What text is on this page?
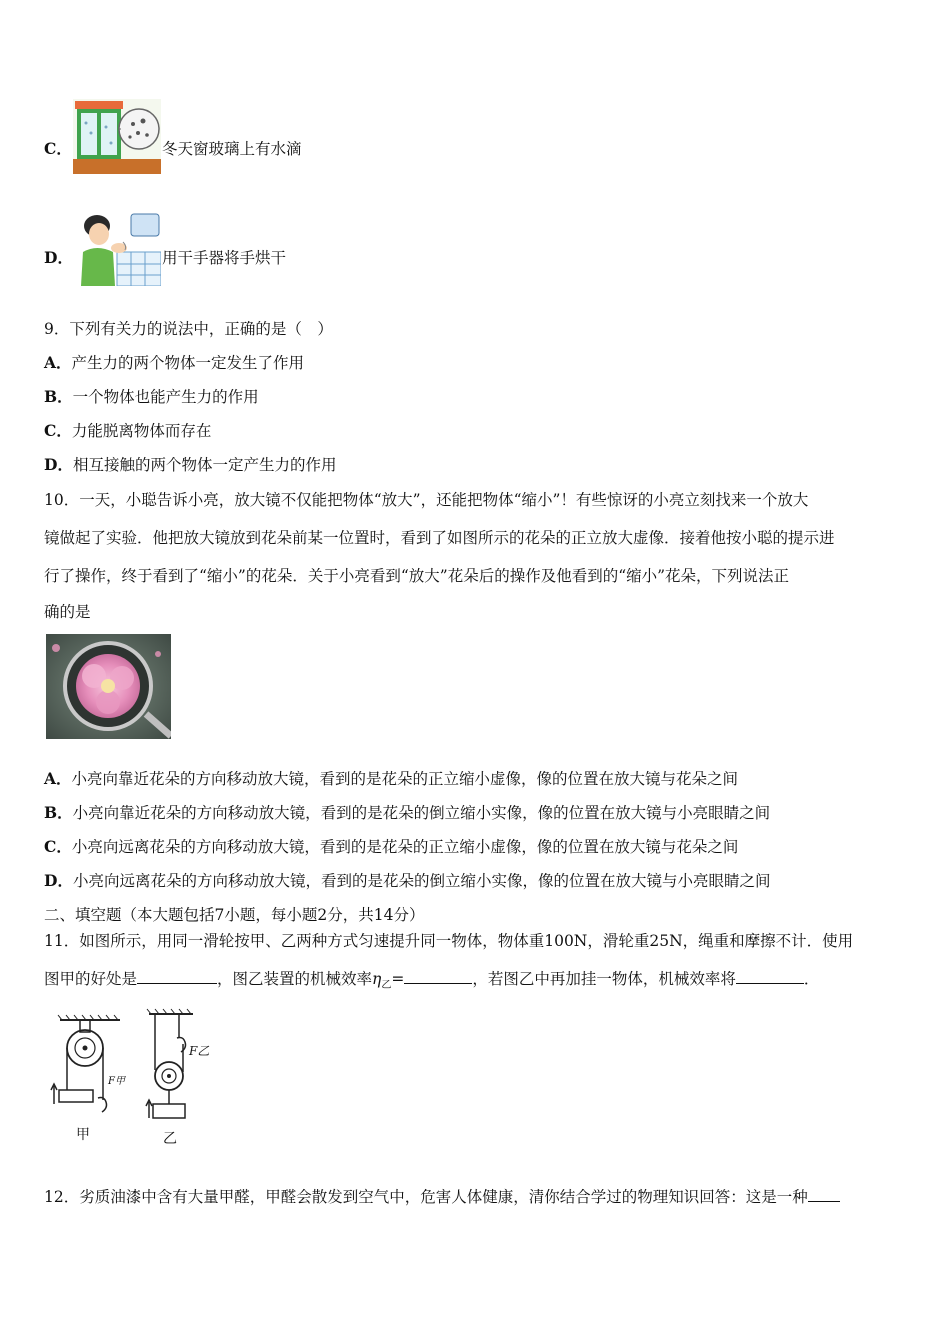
C．	冬天窗玻璃上有水滴
D．	用干手器将手烘干
9．下列有关力的说法中，正确的是（　）
A．产生力的两个物体一定发生了作用
B．一个物体也能产生力的作用
C．力能脱离物体而存在
D．相互接触的两个物体一定产生力的作用
10．一天，小聪告诉小亮，放大镜不仅能把物体“放大”，还能把物体“缩小”！有些惊讶的小亮立刻找来一个放大
镜做起了实验．他把放大镜放到花朵前某一位置时，看到了如图所示的花朵的正立放大虚像．接着他按小聪的提示进
行了操作，终于看到了“缩小”的花朵．关于小亮看到“放大”花朵后的操作及他看到的“缩小”花朵，下列说法正
确的是
A．小亮向靠近花朵的方向移动放大镜，看到的是花朵的正立缩小虚像，像的位置在放大镜与花朵之间
B．小亮向靠近花朵的方向移动放大镜，看到的是花朵的倒立缩小实像，像的位置在放大镜与小亮眼睛之间
C．小亮向远离花朵的方向移动放大镜，看到的是花朵的正立缩小虚像，像的位置在放大镜与花朵之间
D．小亮向远离花朵的方向移动放大镜，看到的是花朵的倒立缩小实像，像的位置在放大镜与小亮眼睛之间
二、填空题（本大题包括7小题，每小题2分，共14分）
11．如图所示，用同一滑轮按甲、乙两种方式匀速提升同一物体，物体重100N，滑轮重25N，绳重和摩擦不计．使用
图甲的好处是	，图乙装置的机械效率$\eta_乙=$	，若图乙中再加挂一物体，机械效率将	．
F甲
甲
F乙
乙
12．劣质油漆中含有大量甲醛，甲醛会散发到空气中，危害人体健康，清你结合学过的物理知识回答：这是一种
